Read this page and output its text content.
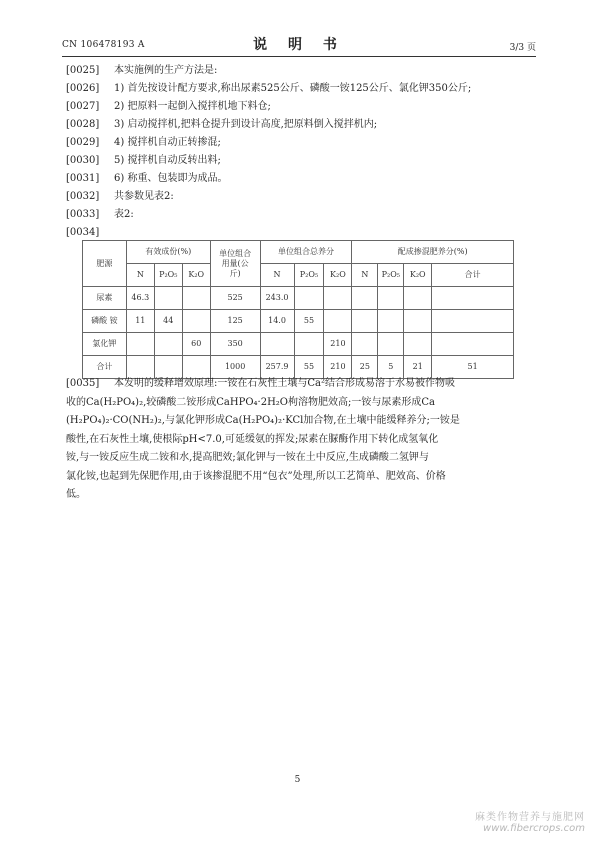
CN 106478193 A	说 明 书	3/3 页
[0025] 本实施例的生产方法是:
[0026] 1) 首先按设计配方要求,称出尿素525公斤、磷酸一铵125公斤、氯化钾350公斤;
[0027] 2) 把原料一起倒入搅拌机地下料仓;
[0028] 3) 启动搅拌机,把料仓提升到设计高度,把原料倒入搅拌机内;
[0029] 4) 搅拌机自动正转掺混;
[0030] 5) 搅拌机自动反转出料;
[0031] 6) 称重、包装即为成品。
[0032] 共参数见表2:
[0033] 表2:
[0034]
肥源	有效成份(%)			单位组合用量(公斤)	单位组合总养分			配成掺混肥养分(%)			
	N	P₂O₅	K₂O		N	P₂O₅	K₂O	N	P₂O₅	K₂O	合计
尿素	46.3			525	243.0						
磷酸 铵	11	44		125	14.0	55					
氯化钾			60	350			210				
合计				1000	257.9	55	210	25	5	21	51
[0035] 本发明的缓释增效原理:一铵在石灰性土壤与Ca²结合形成易溶于水易被作物吸
收的Ca(H₂PO₄)₂,较磷酸二铵形成CaHPO₄·2H₂O枸溶物肥效高;一铵与尿素形成Ca
(H₂PO₄)₂·CO(NH₂)₂,与氯化钾形成Ca(H₂PO₄)₂·KCl加合物,在土壤中能缓释养分;一铵是
酸性,在石灰性土壤,使根际pH<7.0,可延缓氨的挥发;尿素在脲酶作用下转化成氢氧化
铵,与一铵反应生成二铵和水,提高肥效;氯化钾与一铵在土中反应,生成磷酸二氢钾与
氯化铵,也起到先保肥作用,由于该掺混肥不用“包衣”处理,所以工艺简单、肥效高、价格
低。
5
麻类作物营养与施肥网
www.fibercrops.com
